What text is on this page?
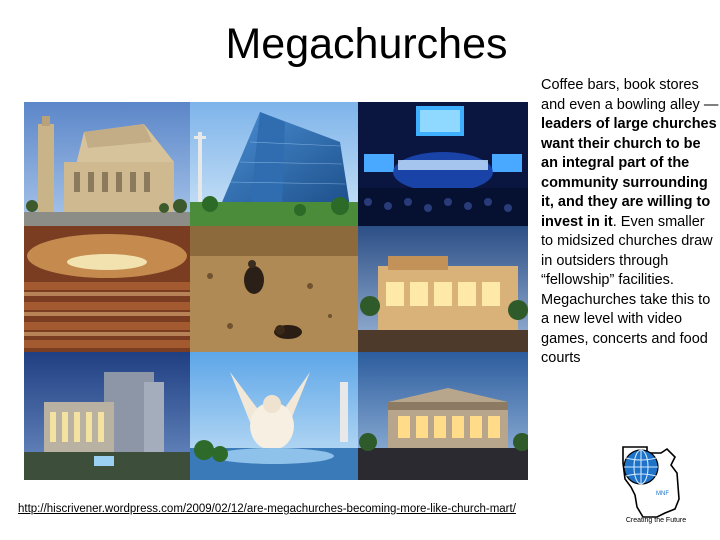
Megachurches
Coffee bars, book stores and even a bowling alley — leaders of large churches want their church to be an integral part of the community surrounding it, and they are willing to invest in it. Even smaller to midsized churches draw in outsiders through “fellowship” facilities. Megachurches take this to a new level with video games, concerts and food courts
http://hiscrivener.wordpress.com/2009/02/12/are-megachurches-becoming-more-like-church-mart/
MNF
Creating the Future
